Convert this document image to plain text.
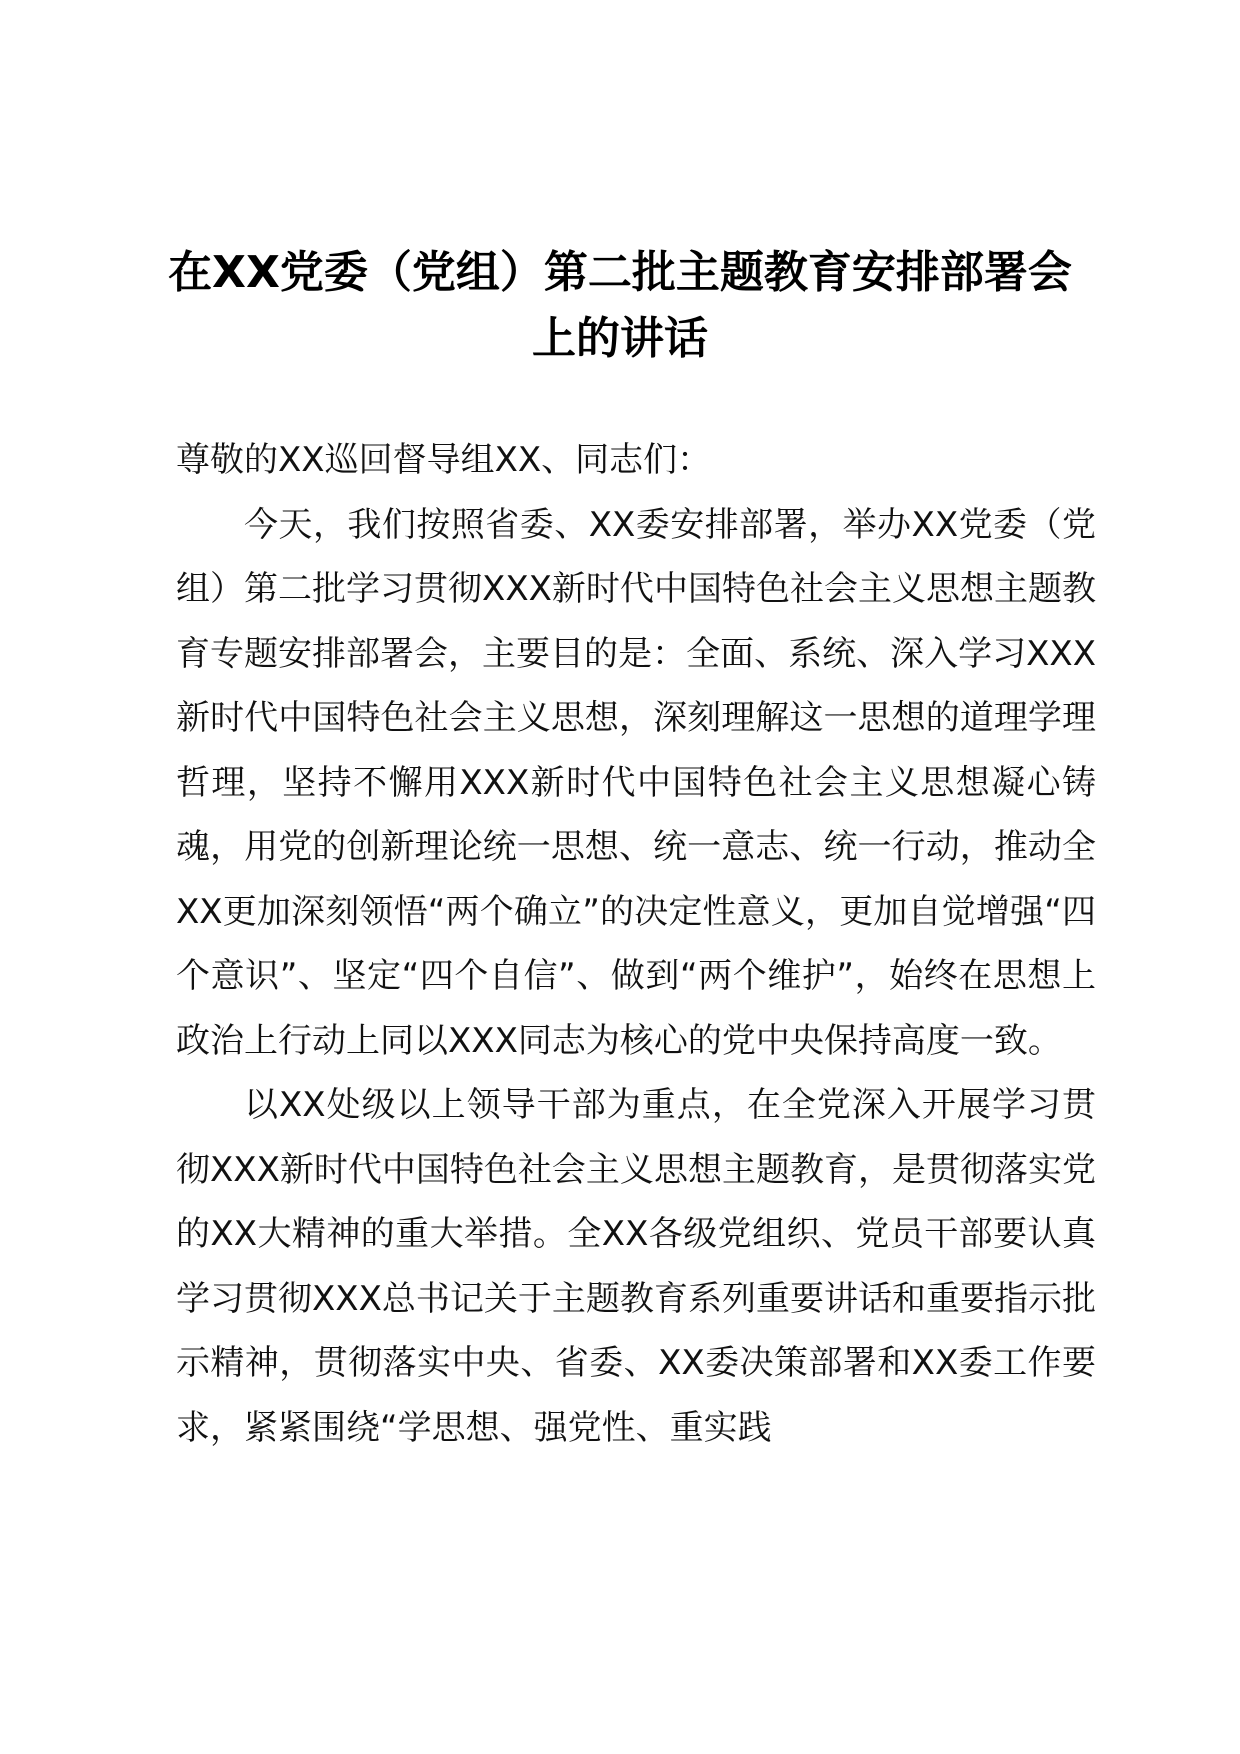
在XX党委（党组）第二批主题教育安排部署会上的讲话

尊敬的XX巡回督导组XX、同志们：

今天，我们按照省委、XX委安排部署，举办XX党委（党组）第二批学习贯彻XXX新时代中国特色社会主义思想主题教育专题安排部署会，主要目的是：全面、系统、深入学习XXX新时代中国特色社会主义思想，深刻理解这一思想的道理学理哲理，坚持不懈用XXX新时代中国特色社会主义思想凝心铸魂，用党的创新理论统一思想、统一意志、统一行动，推动全XX更加深刻领悟“两个确立”的决定性意义，更加自觉增强“四个意识”、坚定“四个自信”、做到“两个维护”，始终在思想上政治上行动上同以XXX同志为核心的党中央保持高度一致。

以XX处级以上领导干部为重点，在全党深入开展学习贯彻XXX新时代中国特色社会主义思想主题教育，是贯彻落实党的XX大精神的重大举措。全XX各级党组织、党员干部要认真学习贯彻XXX总书记关于主题教育系列重要讲话和重要指示批示精神，贯彻落实中央、省委、XX委决策部署和XX委工作要求，紧紧围绕“学思想、强党性、重实践
